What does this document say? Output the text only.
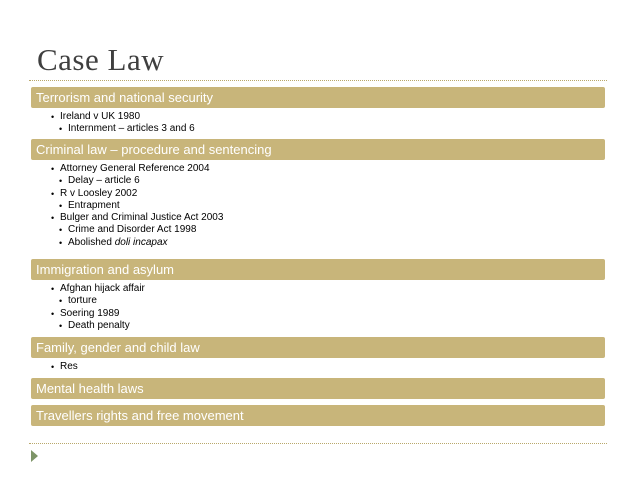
Case Law
Terrorism and national security
• Ireland v UK 1980
• Internment – articles 3 and 6
Criminal law – procedure and sentencing
• Attorney General Reference 2004
• Delay – article 6
• R v Loosley 2002
• Entrapment
• Bulger and Criminal Justice Act 2003
• Crime and Disorder Act 1998
• Abolished doli incapax
Immigration and asylum
• Afghan hijack affair
• torture
• Soering 1989
• Death penalty
Family, gender and child law
• Res
Mental health laws
Travellers rights and free movement
